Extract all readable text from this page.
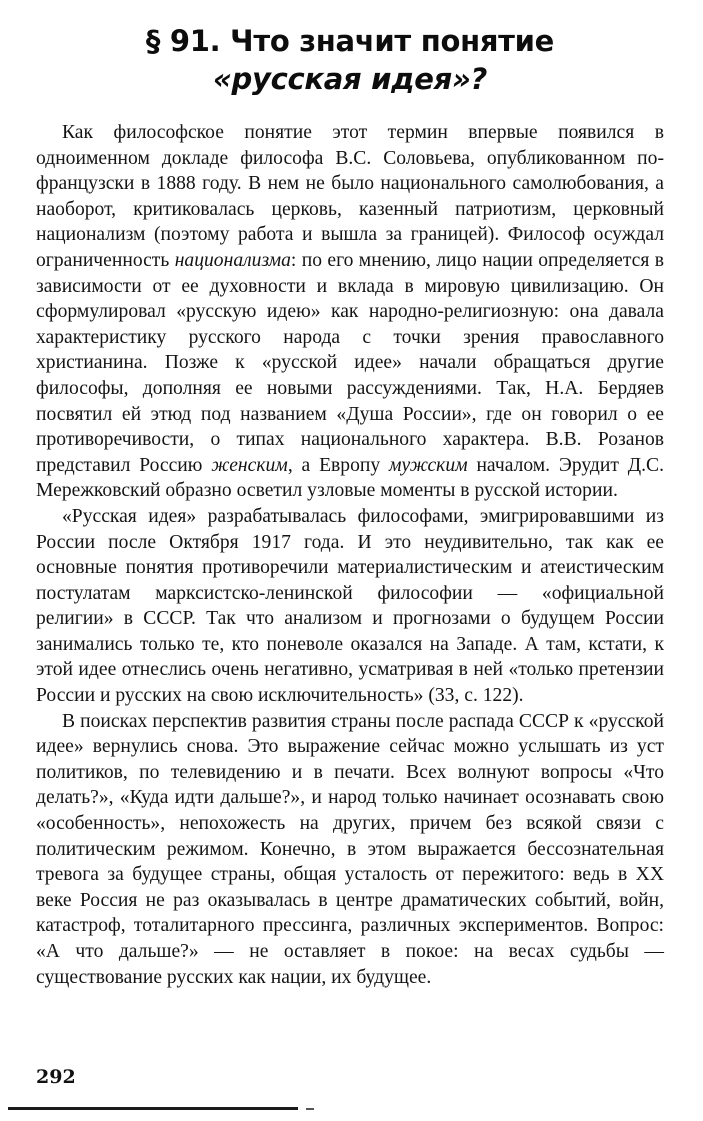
§ 91. Что значит понятие
«русская идея»?

Как философское понятие этот термин впервые появился в одноименном докладе философа В.С. Соловьева, опубликованном по-французски в 1888 году. В нем не было национального самолюбования, а наоборот, критиковалась церковь, казенный патриотизм, церковный национализм (поэтому работа и вышла за границей). Философ осуждал ограниченность национализма: по его мнению, лицо нации определяется в зависимости от ее духовности и вклада в мировую цивилизацию. Он сформулировал «русскую идею» как народно-религиозную: она давала характеристику русского народа с точки зрения православного христианина. Позже к «русской идее» начали обращаться другие философы, дополняя ее новыми рассуждениями. Так, Н.А. Бердяев посвятил ей этюд под названием «Душа России», где он говорил о ее противоречивости, о типах национального характера. В.В. Розанов представил Россию женским, а Европу мужским началом. Эрудит Д.С. Мережковский образно осветил узловые моменты в русской истории.

«Русская идея» разрабатывалась философами, эмигрировавшими из России после Октября 1917 года. И это неудивительно, так как ее основные понятия противоречили материалистическим и атеистическим постулатам марксистско-ленинской философии — «официальной религии» в СССР. Так что анализом и прогнозами о будущем России занимались только те, кто поневоле оказался на Западе. А там, кстати, к этой идее отнеслись очень негативно, усматривая в ней «только претензии России и русских на свою исключительность» (33, с. 122).

В поисках перспектив развития страны после распада СССР к «русской идее» вернулись снова. Это выражение сейчас можно услышать из уст политиков, по телевидению и в печати. Всех волнуют вопросы «Что делать?», «Куда идти дальше?», и народ только начинает осознавать свою «особенность», непохожесть на других, причем без всякой связи с политическим режимом. Конечно, в этом выражается бессознательная тревога за будущее страны, общая усталость от пережитого: ведь в XX веке Россия не раз оказывалась в центре драматических событий, войн, катастроф, тоталитарного прессинга, различных экспериментов. Вопрос: «А что дальше?» — не оставляет в покое: на весах судьбы — существование русских как нации, их будущее.

292
